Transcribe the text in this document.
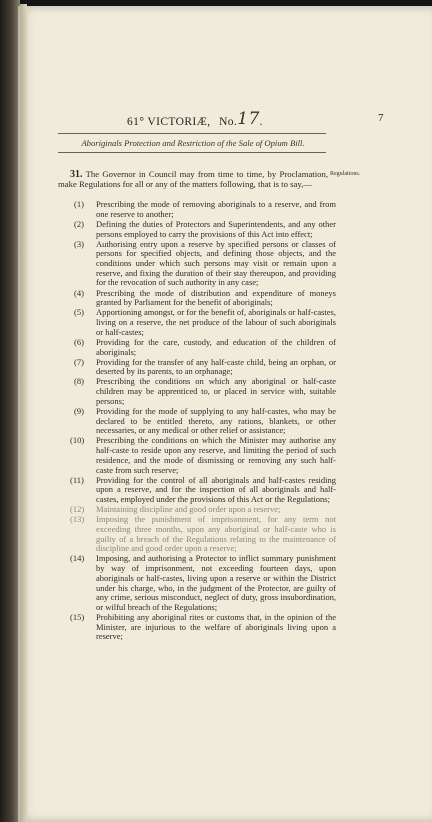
61° VICTORIÆ, No.17.	7
Aboriginals Protection and Restriction of the Sale of Opium Bill.
31. The Governor in Council may from time to time, by Proclamation, make Regulations for all or any of the matters following, that is to say,—
Regulations.
(1) Prescribing the mode of removing aboriginals to a reserve, and from one reserve to another;
(2) Defining the duties of Protectors and Superintendents, and any other persons employed to carry the provisions of this Act into effect;
(3) Authorising entry upon a reserve by specified persons or classes of persons for specified objects, and defining those objects, and the conditions under which such persons may visit or remain upon a reserve, and fixing the duration of their stay thereupon, and providing for the revocation of such authority in any case;
(4) Prescribing the mode of distribution and expenditure of moneys granted by Parliament for the benefit of aboriginals;
(5) Apportioning amongst, or for the benefit of, aboriginals or half-castes, living on a reserve, the net produce of the labour of such aboriginals or half-castes;
(6) Providing for the care, custody, and education of the children of aboriginals;
(7) Providing for the transfer of any half-caste child, being an orphan, or deserted by its parents, to an orphanage;
(8) Prescribing the conditions on which any aboriginal or half-caste children may be apprenticed to, or placed in service with, suitable persons;
(9) Providing for the mode of supplying to any half-castes, who may be declared to be entitled thereto, any rations, blankets, or other necessaries, or any medical or other relief or assistance;
(10) Prescribing the conditions on which the Minister may authorise any half-caste to reside upon any reserve, and limiting the period of such residence, and the mode of dismissing or removing any such half-caste from such reserve;
(11) Providing for the control of all aboriginals and half-castes residing upon a reserve, and for the inspection of all aboriginals and half-castes, employed under the provisions of this Act or the Regulations;
(12) Maintaining discipline and good order upon a reserve;
(13) Imposing the punishment of imprisonment, for any term not exceeding three months, upon any aboriginal or half-caste who is guilty of a breach of the Regulations relating to the maintenance of discipline and good order upon a reserve;
(14) Imposing, and authorising a Protector to inflict summary punishment by way of imprisonment, not exceeding fourteen days, upon aboriginals or half-castes, living upon a reserve or within the District under his charge, who, in the judgment of the Protector, are guilty of any crime, serious misconduct, neglect of duty, gross insubordination, or wilful breach of the Regulations;
(15) Prohibiting any aboriginal rites or customs that, in the opinion of the Minister, are injurious to the welfare of aboriginals living upon a reserve;
